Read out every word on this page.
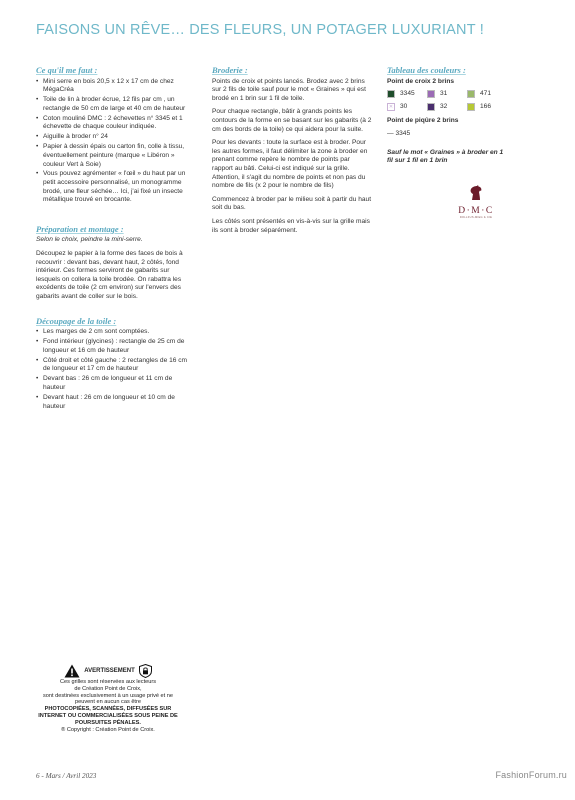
FAISONS UN RÊVE… DES FLEURS, UN POTAGER LUXURIANT !
Ce qu'il me faut :
• Mini serre en bois 20,5 x 12 x 17 cm de chez MégaCréa
• Toile de lin à broder écrue, 12 fils par cm , un rectangle de 50 cm de large et 40 cm de hauteur
• Coton mouliné DMC : 2 échevettes n° 3345 et 1 échevette de chaque couleur indiquée.
• Aiguille à broder n° 24
• Papier à dessin épais ou carton fin, colle à tissu, éventuellement peinture (marque « Libéron » couleur Vert à Soie)
• Vous pouvez agrémenter « l'œil » du haut par un petit accessoire personnalisé, un monogramme brodé, une fleur séchée… Ici, j'ai fixé un insecte métallique trouvé en brocante.
Préparation et montage :

Selon le choix, peindre la mini-serre.

Découpez le papier à la forme des faces de bois à recouvrir : devant bas, devant haut, 2 côtés, fond intérieur. Ces formes serviront de gabarits sur lesquels on collera la toile brodée. On rabattra les excédents de toile (2 cm environ) sur l'envers des gabarits avant de coller sur le bois.

Découpage de la toile :
• Les marges de 2 cm sont comptées.
• Fond intérieur (glycines) : rectangle de 25 cm de longueur et 16 cm de hauteur
• Côté droit et côté gauche : 2 rectangles de 16 cm de longueur et 17 cm de hauteur
• Devant bas : 26 cm de longueur et 11 cm de hauteur
• Devant haut : 26 cm de longueur et 10 cm de hauteur
Broderie :

Points de croix et points lancés. Brodez avec 2 brins sur 2 fils de toile sauf pour le mot « Graines » qui est brodé en 1 brin sur 1 fil de toile.

Pour chaque rectangle, bâtir à grands points les contours de la forme en se basant sur les gabarits (à 2 cm des bords de la toile) ce qui aidera pour la suite.

Pour les devants : toute la surface est à broder. Pour les autres formes, il faut délimiter la zone à broder en prenant comme repère le nombre de points par rapport au bâti. Celui-ci est indiqué sur la grille. Attention, il s'agit du nombre de points et non pas du nombre de fils (x 2 pour le nombre de fils)

Commencez à broder par le milieu soit à partir du haut soit du bas.

Les côtés sont présentés en vis-à-vis sur la grille mais ils sont à broder séparément.

Tableau des couleurs :
Point de croix 2 brins
3345	31	471
✕ 30	32	166
Point de piqûre 2 brins
— 3345
Sauf le mot « Graines » à broder en 1 fil sur 1 fil en 1 brin
D·M·C
DOLLFUS-MIEG & CIE
AVERTISSEMENT
Ces grilles sont réservées aux lecteurs
de Création Point de Croix,
sont destinées exclusivement à un usage privé et ne peuvent en aucun cas être
PHOTOCOPIÉES, SCANNÉES, DIFFUSÉES SUR INTERNET OU COMMERCIALISÉES SOUS PEINE DE POURSUITES PÉNALES.
® Copyright : Création Point de Croix.
6 - Mars / Avril 2023	FashionForum.ru
